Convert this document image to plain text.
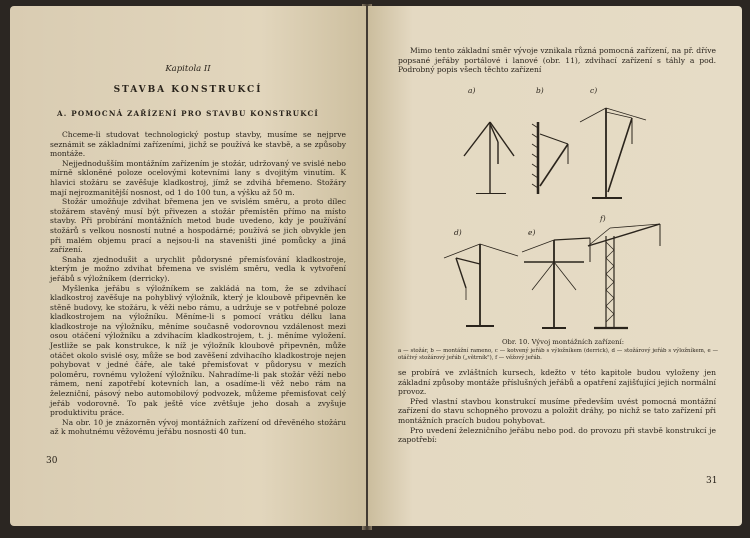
Kapitola II
STAVBA KONSTRUKCÍ
A. POMOCNÁ ZAŘÍZENÍ PRO STAVBU KONSTRUKCÍ

Chceme-li studovat technologický postup stavby, musíme se nejprve seznámit se základními zařízeními, jichž se používá ke stavbě, a se způsoby montáže.

Nejjednodušším montážním zařízením je stožár, udržovaný ve svislé nebo mírně skloněné poloze ocelovými kotevními lany s dvojitým vinutím. K hlavici stožáru se zavěšuje kladkostroj, jímž se zdvihá břemeno. Stožáry mají nejrozmanitější nosnost, od 1 do 100 tun, a výšku až 50 m.

Stožár umožňuje zdvihat břemena jen ve svislém směru, a proto dílec stožárem stavěný musí být přivezen a stožár přemístěn přímo na místo stavby. Při probírání montážních metod bude uvedeno, kdy je používání stožárů s velkou nosností nutné a hospodárné; používá se jich obvykle jen při malém objemu prací a nejsou-li na staveništi jiné pomůcky a jiná zařízení.

Snaha zjednodušit a urychlit půdorysné přemísťování kladkostroje, kterým je možno zdvihat břemena ve svislém směru, vedla k vytvoření jeřábů s výložníkem (derricky).

Myšlenka jeřábu s výložníkem se zakládá na tom, že se zdvihací kladkostroj zavěšuje na pohyblivý výložník, který je kloubově připevněn ke stěně budovy, ke stožáru, k věži nebo rámu, a udržuje se v potřebné poloze kladkostrojem na výložníku. Měníme-li s pomocí vrátku délku lana kladkostroje na výložníku, měníme současně vodorovnou vzdálenost mezi osou otáčení výložníku a zdvihacím kladkostrojem, t. j. měníme vyložení. Jestliže se pak konstrukce, k níž je výložník kloubově připevněn, může otáčet okolo svislé osy, může se bod zavěšení zdvihacího kladkostroje nejen pohybovat v jedné čáře, ale také přemisťovat v půdorysu v mezích poloměru, rovnému vyložení výložníku. Nahradíme-li pak stožár věží nebo rámem, není zapotřebí kotevních lan, a osadíme-li věž nebo rám na železniční, pásový nebo automobilový podvozek, můžeme přemisťovat celý jeřáb vodorovně. To pak ještě více zvětšuje jeho dosah a zvyšuje produktivitu práce.

Na obr. 10 je znázorněn vývoj montážních zařízení od dřevěného stožáru až k mohutnému věžovému jeřábu nosnosti 40 tun.

30

Mimo tento základní směr vývoje vznikala různá pomocná zařízení, na př. dříve popsané jeřáby portálové i lanové (obr. 11), zdvihací zařízení s táhly a pod. Podrobný popis všech těchto zařízení

a)	b)	c)
d)	e)
f)
Obr. 10. Vývoj montážních zařízení:
a — stožár, b — montážní rameno, c — kotvený jeřáb s výložníkem (derrick), d — stožárový jeřáb s výložníkem, e — otáčivý stožárový jeřáb („větrník"), f — věžový jeřáb.

se probírá ve zvláštních kursech, kdežto v této kapitole budou vyloženy jen základní způsoby montáže příslušných jeřábů a opatření zajišťující jejich normální provoz.

Před vlastní stavbou konstrukcí musíme především uvést pomocná montážní zařízení do stavu schopného provozu a položit dráhy, po nichž se tato zařízení při montážních pracích budou pohybovat.

Pro uvedení železničního jeřábu nebo pod. do provozu při stavbě konstrukcí je zapotřebí:

31
